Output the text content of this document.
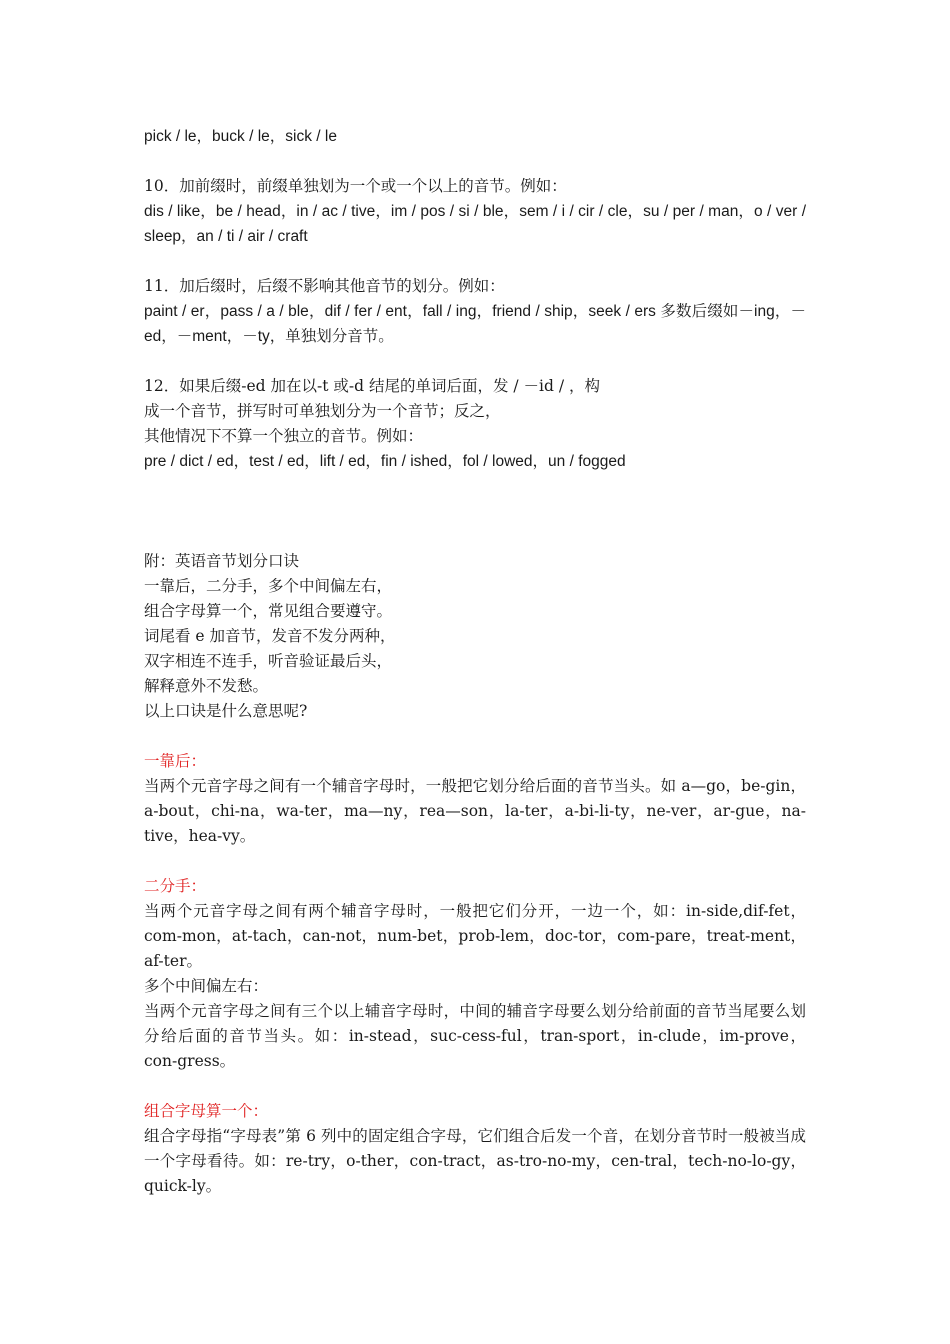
pick / le，buck / le，sick / le

10．加前缀时，前缀单独划为一个或一个以上的音节。例如：

dis / like，be / head，in / ac / tive，im / pos / si / ble，sem / i / cir / cle，su / per / man，o / ver / sleep，an / ti / air / craft

11．加后缀时，后缀不影响其他音节的划分。例如：

paint / er，pass / a / ble，dif / fer / ent，fall / ing，friend / ship，seek / ers 多数后缀如－ing，－ed，－ment，－ty，单独划分音节。

12．如果后缀-ed 加在以-t 或-d 结尾的单词后面，发 / －id / ，构

成一个音节，拼写时可单独划分为一个音节；反之，

其他情况下不算一个独立的音节。例如：

pre / dict / ed，test / ed，lift / ed，fin / ished，fol / lowed，un / fogged

附：英语音节划分口诀

一靠后，二分手，多个中间偏左右，

组合字母算一个，常见组合要遵守。

词尾看 e 加音节，发音不发分两种，

双字相连不连手，听音验证最后头，

解释意外不发愁。

以上口诀是什么意思呢?

一靠后：

当两个元音字母之间有一个辅音字母时，一般把它划分给后面的音节当头。如 a—go，be-gin，a-bout，chi-na，wa-ter，ma—ny，rea—son，la-ter，a-bi-li-ty，ne-ver，ar-gue，na-tive，hea-vy。

二分手：

当两个元音字母之间有两个辅音字母时，一般把它们分开，一边一个，如：in-side,dif-fet，com-mon，at-tach，can-not，num-bet，prob-lem，doc-tor，com-pare，treat-ment，af-ter。

多个中间偏左右：

当两个元音字母之间有三个以上辅音字母时，中间的辅音字母要么划分给前面的音节当尾要么划分给后面的音节当头。如：in-stead，suc-cess-ful，tran-sport，in-clude，im-prove，con-gress。

组合字母算一个：

组合字母指“字母表”第 6 列中的固定组合字母，它们组合后发一个音，在划分音节时一般被当成一个字母看待。如：re-try，o-ther，con-tract，as-tro-no-my，cen-tral，tech-no-lo-gy，quick-ly。
